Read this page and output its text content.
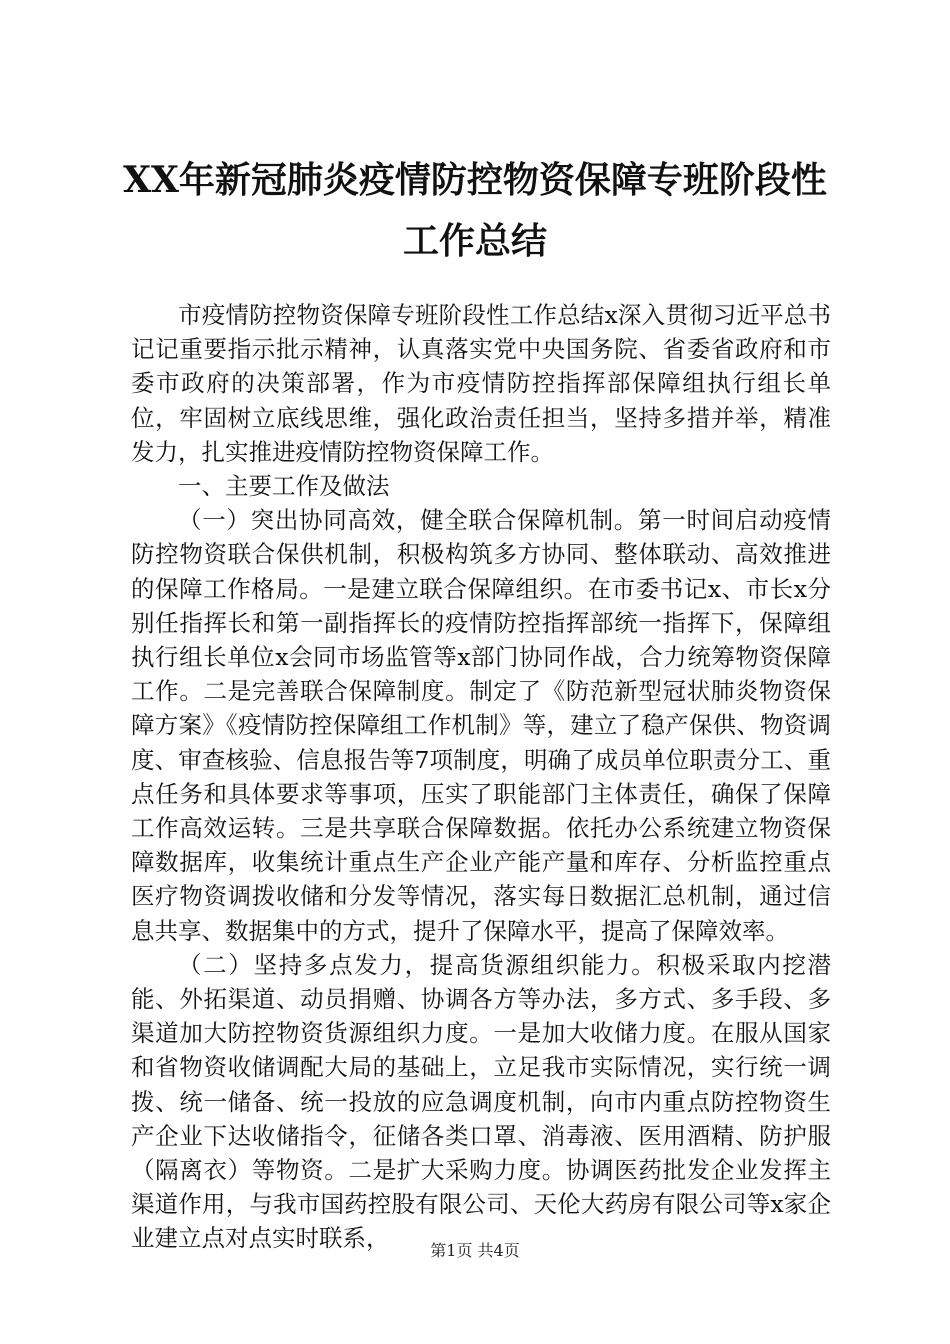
XX年新冠肺炎疫情防控物资保障专班阶段性
工作总结

市疫情防控物资保障专班阶段性工作总结x深入贯彻习近平总书记记重要指示批示精神，认真落实党中央国务院、省委省政府和市委市政府的决策部署，作为市疫情防控指挥部保障组执行组长单位，牢固树立底线思维，强化政治责任担当，坚持多措并举，精准发力，扎实推进疫情防控物资保障工作。

一、主要工作及做法

（一）突出协同高效，健全联合保障机制。第一时间启动疫情防控物资联合保供机制，积极构筑多方协同、整体联动、高效推进的保障工作格局。一是建立联合保障组织。在市委书记x、市长x分别任指挥长和第一副指挥长的疫情防控指挥部统一指挥下，保障组执行组长单位x会同市场监管等x部门协同作战，合力统筹物资保障工作。二是完善联合保障制度。制定了《防范新型冠状肺炎物资保障方案》《疫情防控保障组工作机制》等，建立了稳产保供、物资调度、审查核验、信息报告等7项制度，明确了成员单位职责分工、重点任务和具体要求等事项，压实了职能部门主体责任，确保了保障工作高效运转。三是共享联合保障数据。依托办公系统建立物资保障数据库，收集统计重点生产企业产能产量和库存、分析监控重点医疗物资调拨收储和分发等情况，落实每日数据汇总机制，通过信息共享、数据集中的方式，提升了保障水平，提高了保障效率。

（二）坚持多点发力，提高货源组织能力。积极采取内挖潜能、外拓渠道、动员捐赠、协调各方等办法，多方式、多手段、多渠道加大防控物资货源组织力度。一是加大收储力度。在服从国家和省物资收储调配大局的基础上，立足我市实际情况，实行统一调拨、统一储备、统一投放的应急调度机制，向市内重点防控物资生产企业下达收储指令，征储各类口罩、消毒液、医用酒精、防护服（隔离衣）等物资。二是扩大采购力度。协调医药批发企业发挥主渠道作用，与我市国药控股有限公司、天伦大药房有限公司等x家企业建立点对点实时联系，	第1页 共4页
